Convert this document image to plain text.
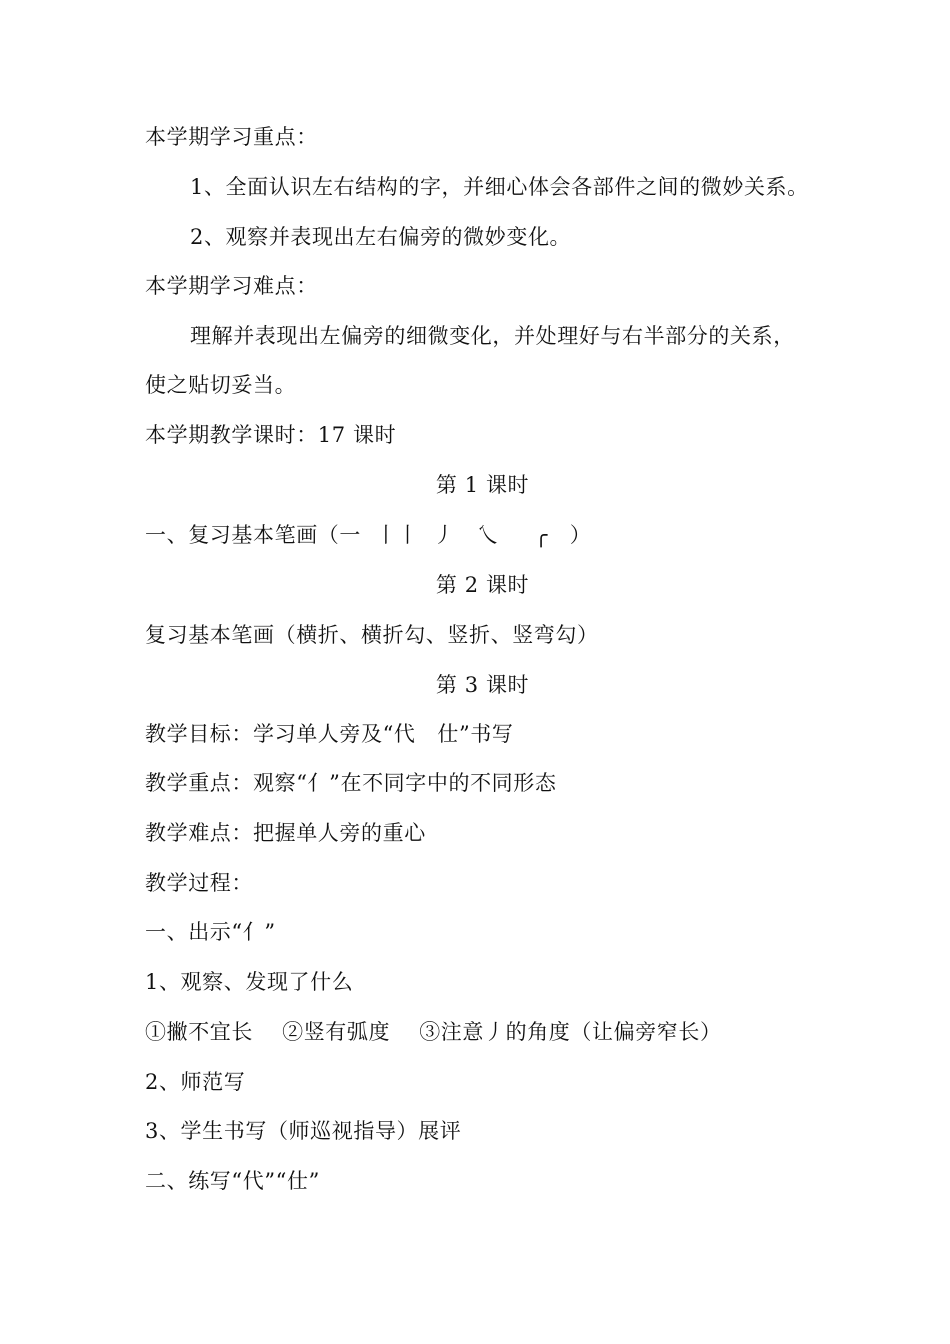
本学期学习重点：
1、全面认识左右结构的字，并细心体会各部件之间的微妙关系。
2、观察并表现出左右偏旁的微妙变化。
本学期学习难点：
理解并表现出左偏旁的细微变化，并处理好与右半部分的关系，
使之贴切妥当。
本学期教学课时：17 课时
第 1 课时
一、复习基本笔画（一  丨丨  丿   乀     ╭   ）
第 2 课时
复习基本笔画（横折、横折勾、竖折、竖弯勾）
第 3 课时
教学目标：学习单人旁及“代   仕”书写
教学重点：观察“亻”在不同字中的不同形态
教学难点：把握单人旁的重心
教学过程：
一、出示“亻”
1、观察、发现了什么
①撇不宜长    ②竖有弧度    ③注意丿的角度（让偏旁窄长）
2、师范写
3、学生书写（师巡视指导）展评
二、练写“代”“仕”
